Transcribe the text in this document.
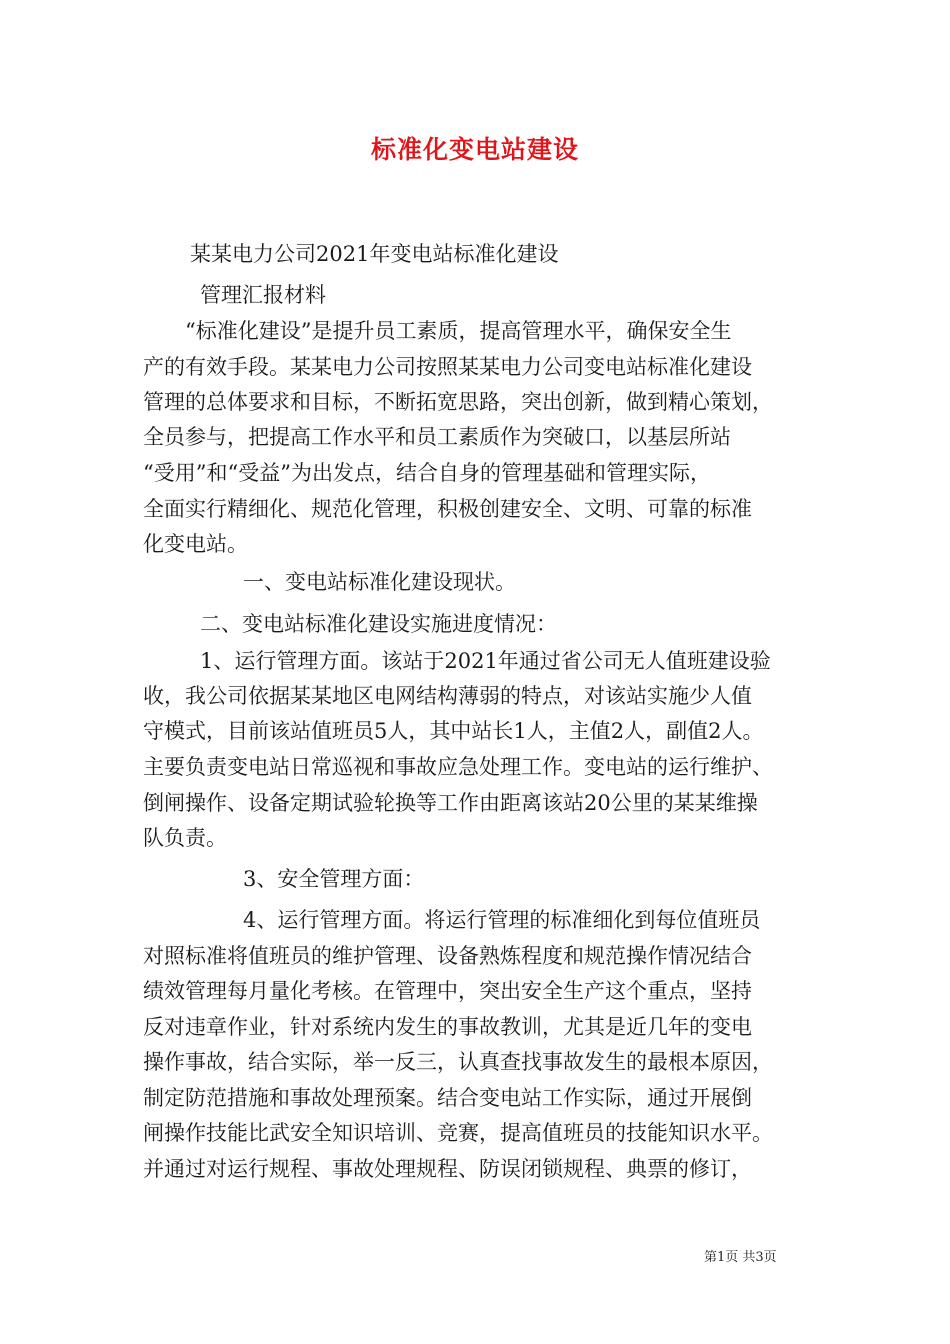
标准化变电站建设
某某电力公司2021年变电站标准化建设
管理汇报材料
“标准化建设”是提升员工素质，提高管理水平，确保安全生
产的有效手段。某某电力公司按照某某电力公司变电站标准化建设
管理的总体要求和目标，不断拓宽思路，突出创新，做到精心策划，
全员参与，把提高工作水平和员工素质作为突破口，以基层所站
“受用”和“受益”为出发点，结合自身的管理基础和管理实际，
全面实行精细化、规范化管理，积极创建安全、文明、可靠的标准
化变电站。
一、变电站标准化建设现状。
二、变电站标准化建设实施进度情况：
1、运行管理方面。该站于2021年通过省公司无人值班建设验
收，我公司依据某某地区电网结构薄弱的特点，对该站实施少人值
守模式，目前该站值班员5人，其中站长1人，主值2人，副值2人。
主要负责变电站日常巡视和事故应急处理工作。变电站的运行维护、
倒闸操作、设备定期试验轮换等工作由距离该站20公里的某某维操
队负责。
3、安全管理方面：
4、运行管理方面。将运行管理的标准细化到每位值班员
对照标准将值班员的维护管理、设备熟炼程度和规范操作情况结合
绩效管理每月量化考核。在管理中，突出安全生产这个重点，坚持
反对违章作业，针对系统内发生的事故教训，尤其是近几年的变电
操作事故，结合实际，举一反三，认真查找事故发生的最根本原因，
制定防范措施和事故处理预案。结合变电站工作实际，通过开展倒
闸操作技能比武安全知识培训、竞赛，提高值班员的技能知识水平。
并通过对运行规程、事故处理规程、防误闭锁规程、典票的修订，
第1页 共3页
